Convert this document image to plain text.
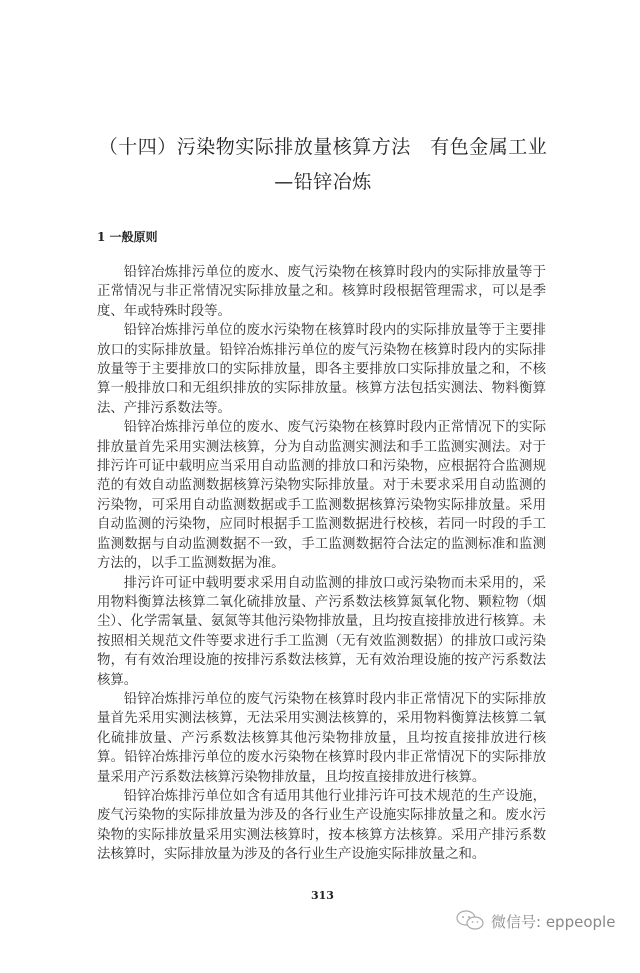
（十四）污染物实际排放量核算方法　有色金属工业
—铅锌冶炼
1 一般原则

铅锌冶炼排污单位的废水、废气污染物在核算时段内的实际排放量等于正常情况与非正常情况实际排放量之和。核算时段根据管理需求，可以是季度、年或特殊时段等。

铅锌冶炼排污单位的废水污染物在核算时段内的实际排放量等于主要排放口的实际排放量。铅锌冶炼排污单位的废气污染物在核算时段内的实际排放量等于主要排放口的实际排放量，即各主要排放口实际排放量之和，不核算一般排放口和无组织排放的实际排放量。核算方法包括实测法、物料衡算法、产排污系数法等。

铅锌冶炼排污单位的废水、废气污染物在核算时段内正常情况下的实际排放量首先采用实测法核算，分为自动监测实测法和手工监测实测法。对于排污许可证中载明应当采用自动监测的排放口和污染物，应根据符合监测规范的有效自动监测数据核算污染物实际排放量。对于未要求采用自动监测的污染物，可采用自动监测数据或手工监测数据核算污染物实际排放量。采用自动监测的污染物，应同时根据手工监测数据进行校核，若同一时段的手工监测数据与自动监测数据不一致，手工监测数据符合法定的监测标准和监测方法的，以手工监测数据为准。

排污许可证中载明要求采用自动监测的排放口或污染物而未采用的，采用物料衡算法核算二氧化硫排放量、产污系数法核算氮氧化物、颗粒物（烟尘）、化学需氧量、氨氮等其他污染物排放量，且均按直接排放进行核算。未按照相关规范文件等要求进行手工监测（无有效监测数据）的排放口或污染物，有有效治理设施的按排污系数法核算，无有效治理设施的按产污系数法核算。

铅锌冶炼排污单位的废气污染物在核算时段内非正常情况下的实际排放量首先采用实测法核算，无法采用实测法核算的，采用物料衡算法核算二氧化硫排放量、产污系数法核算其他污染物排放量，且均按直接排放进行核算。铅锌冶炼排污单位的废水污染物在核算时段内非正常情况下的实际排放量采用产污系数法核算污染物排放量，且均按直接排放进行核算。

铅锌冶炼排污单位如含有适用其他行业排污许可技术规范的生产设施，废气污染物的实际排放量为涉及的各行业生产设施实际排放量之和。废水污染物的实际排放量采用实测法核算时，按本核算方法核算。采用产排污系数法核算时，实际排放量为涉及的各行业生产设施实际排放量之和。

313
微信号: eppeople
